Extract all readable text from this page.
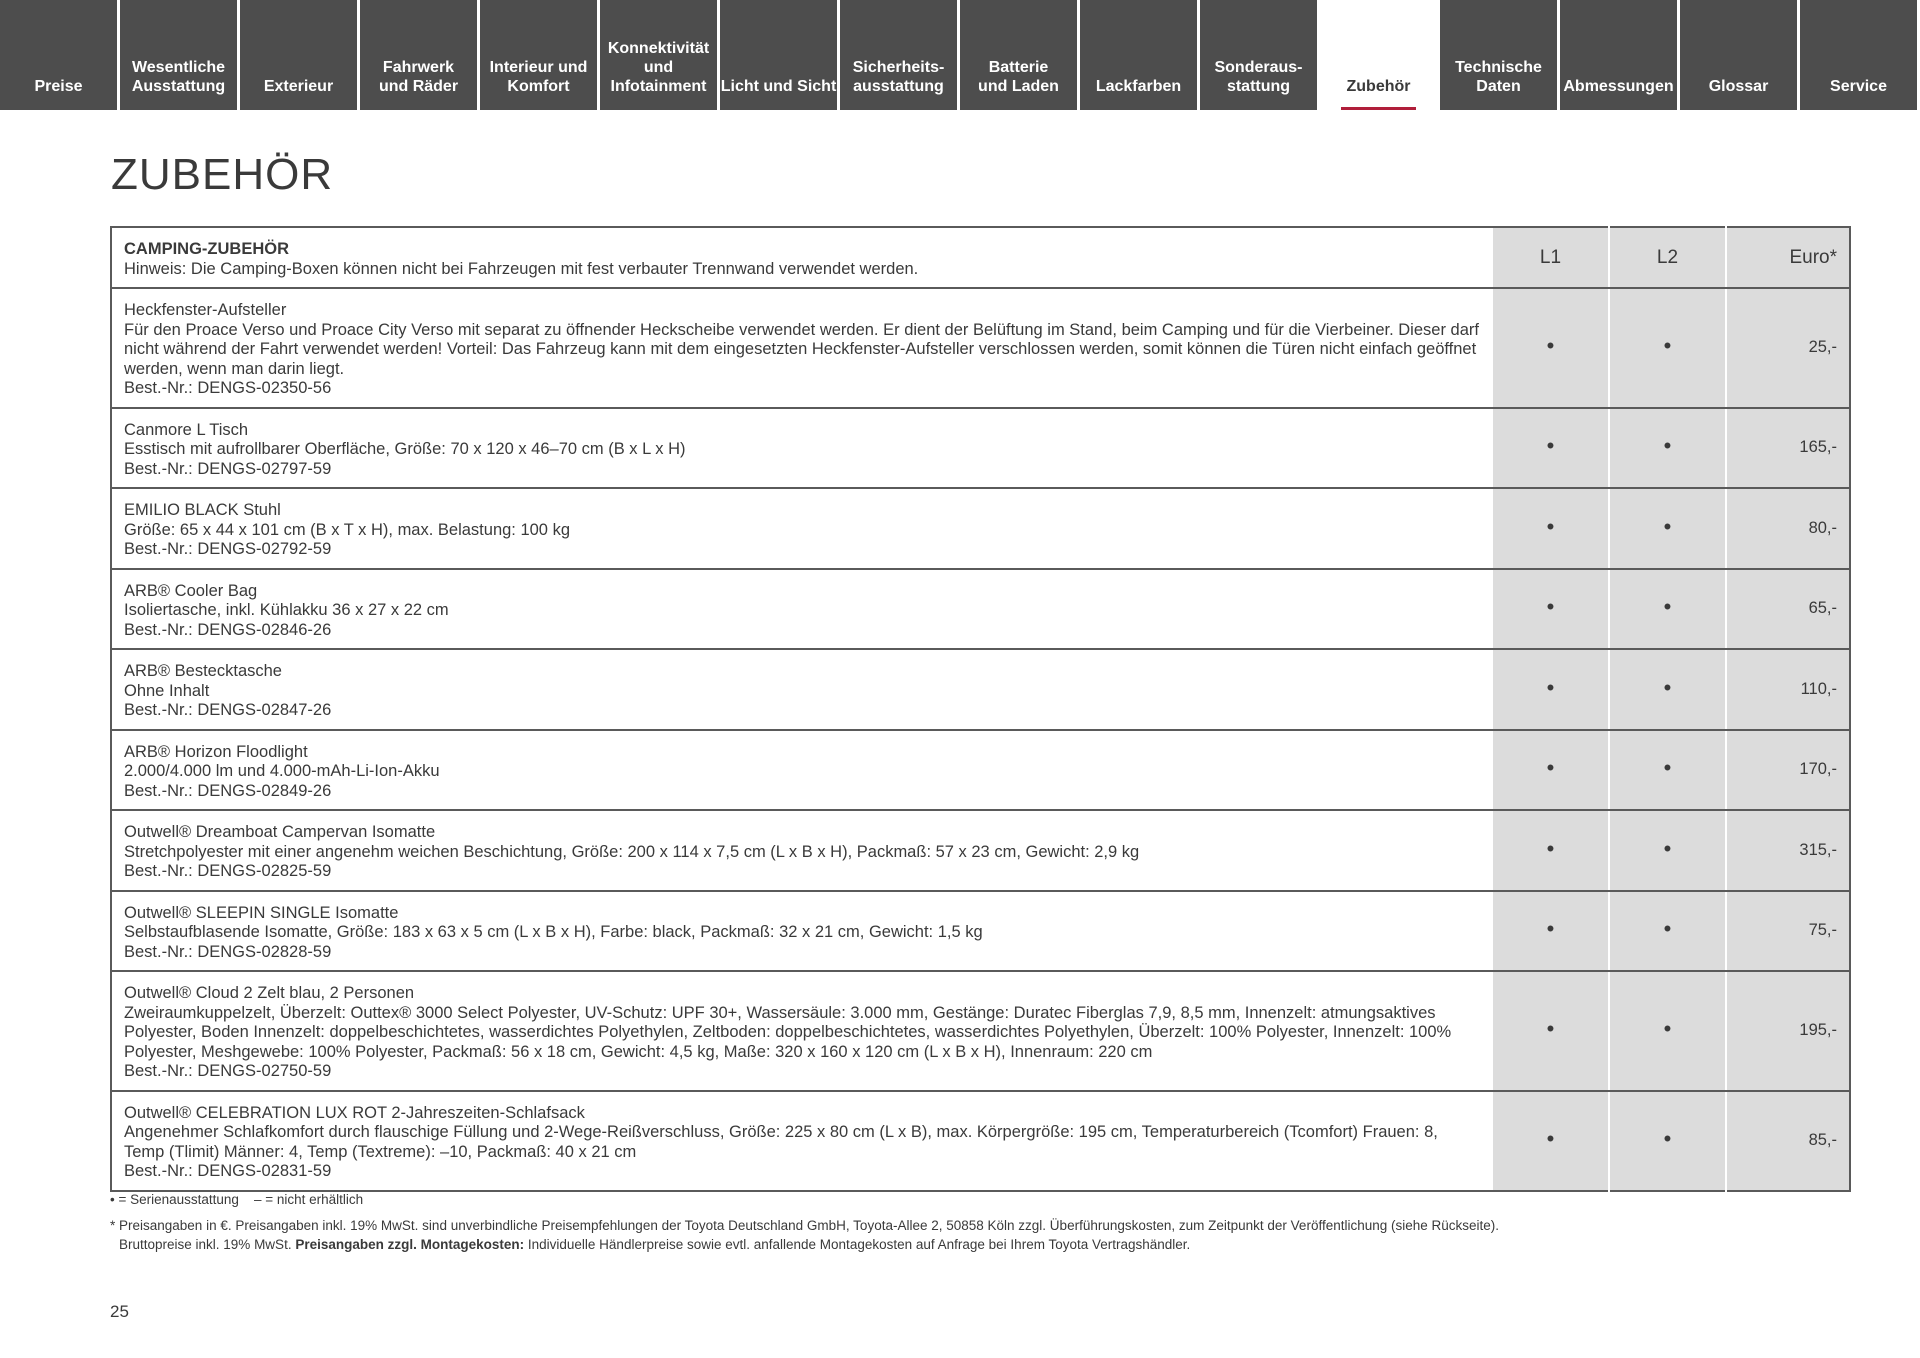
Preise
Wesentliche
Ausstattung	Exterieur
Fahrwerk
und Räder
Interieur und
Komfort
Konnektivität
und
Infotainment Licht und Sicht
Sicherheits-
ausstattung
Batterie
und Laden	Lackfarben
Sonderaus-
stattung	Zubehör
Technische
Daten	Abmessungen	Glossar	Service
ZUBEHÖR
CAMPING-ZUBEHÖR
Hinweis: Die Camping-Boxen können nicht bei Fahrzeugen mit fest verbauter Trennwand verwendet werden.	L1	L2	Euro*

Heckfenster-Aufsteller
Für den Proace Verso und Proace City Verso mit separat zu öffnender Heckscheibe verwendet werden. Er dient der Belüftung im Stand, beim Camping und für die Vierbeiner. Dieser darf nicht während der Fahrt verwendet werden! Vorteil: Das Fahrzeug kann mit dem eingesetzten Heckfenster-Aufsteller verschlossen werden, somit können die Türen nicht einfach geöffnet werden, wenn man darin liegt.
Best.-Nr.: DENGS-02350-56	•	•	25,-

Canmore L Tisch
Esstisch mit aufrollbarer Oberfläche, Größe: 70 x 120 x 46–70 cm (B x L x H)
Best.-Nr.: DENGS-02797-59	•	•	165,-

EMILIO BLACK Stuhl
Größe: 65 x 44 x 101 cm (B x T x H), max. Belastung: 100 kg
Best.-Nr.: DENGS-02792-59	•	•	80,-

ARB® Cooler Bag
Isoliertasche, inkl. Kühlakku 36 x 27 x 22 cm
Best.-Nr.: DENGS-02846-26	•	•	65,-

ARB® Bestecktasche
Ohne Inhalt
Best.-Nr.: DENGS-02847-26	•	•	110,-

ARB® Horizon Floodlight
2.000/4.000 lm und 4.000-mAh-Li-Ion-Akku
Best.-Nr.: DENGS-02849-26	•	•	170,-

Outwell® Dreamboat Campervan Isomatte
Stretchpolyester mit einer angenehm weichen Beschichtung, Größe: 200 x 114 x 7,5 cm (L x B x H), Packmaß: 57 x 23 cm, Gewicht: 2,9 kg
Best.-Nr.: DENGS-02825-59	•	•	315,-

Outwell® SLEEPIN SINGLE Isomatte
Selbstaufblasende Isomatte, Größe: 183 x 63 x 5 cm (L x B x H), Farbe: black, Packmaß: 32 x 21 cm, Gewicht: 1,5 kg
Best.-Nr.: DENGS-02828-59	•	•	75,-

Outwell® Cloud 2 Zelt blau, 2 Personen
Zweiraumkuppelzelt, Überzelt: Outtex® 3000 Select Polyester, UV-Schutz: UPF 30+, Wassersäule: 3.000 mm, Gestänge: Duratec Fiberglas 7,9, 8,5 mm, Innenzelt: atmungsaktives Polyester, Boden Innenzelt: doppelbeschichtetes, wasserdichtes Polyethylen, Zeltboden: doppelbeschichtetes, wasserdichtes Polyethylen, Überzelt: 100% Polyester, Innenzelt: 100% Polyester, Meshgewebe: 100% Polyester, Packmaß: 56 x 18 cm, Gewicht: 4,5 kg, Maße: 320 x 160 x 120 cm (L x B x H), Innenraum: 220 cm
Best.-Nr.: DENGS-02750-59	•	•	195,-

Outwell® CELEBRATION LUX ROT 2-Jahreszeiten-Schlafsack
Angenehmer Schlafkomfort durch flauschige Füllung und 2-Wege-Reißverschluss, Größe: 225 x 80 cm (L x B), max. Körpergröße: 195 cm, Temperaturbereich (Tcomfort) Frauen: 8, Temp (Tlimit) Männer: 4, Temp (Textreme): –10, Packmaß: 40 x 21 cm
Best.-Nr.: DENGS-02831-59	•	•	85,-
• = Serienausstattung    – = nicht erhältlich
* Preisangaben in €. Preisangaben inkl. 19% MwSt. sind unverbindliche Preisempfehlungen der Toyota Deutschland GmbH, Toyota-Allee 2, 50858 Köln zzgl. Überführungskosten, zum Zeitpunkt der Veröffentlichung (siehe Rückseite).
Bruttopreise inkl. 19% MwSt. Preisangaben zzgl. Montagekosten: Individuelle Händlerpreise sowie evtl. anfallende Montagekosten auf Anfrage bei Ihrem Toyota Vertragshändler.
25
